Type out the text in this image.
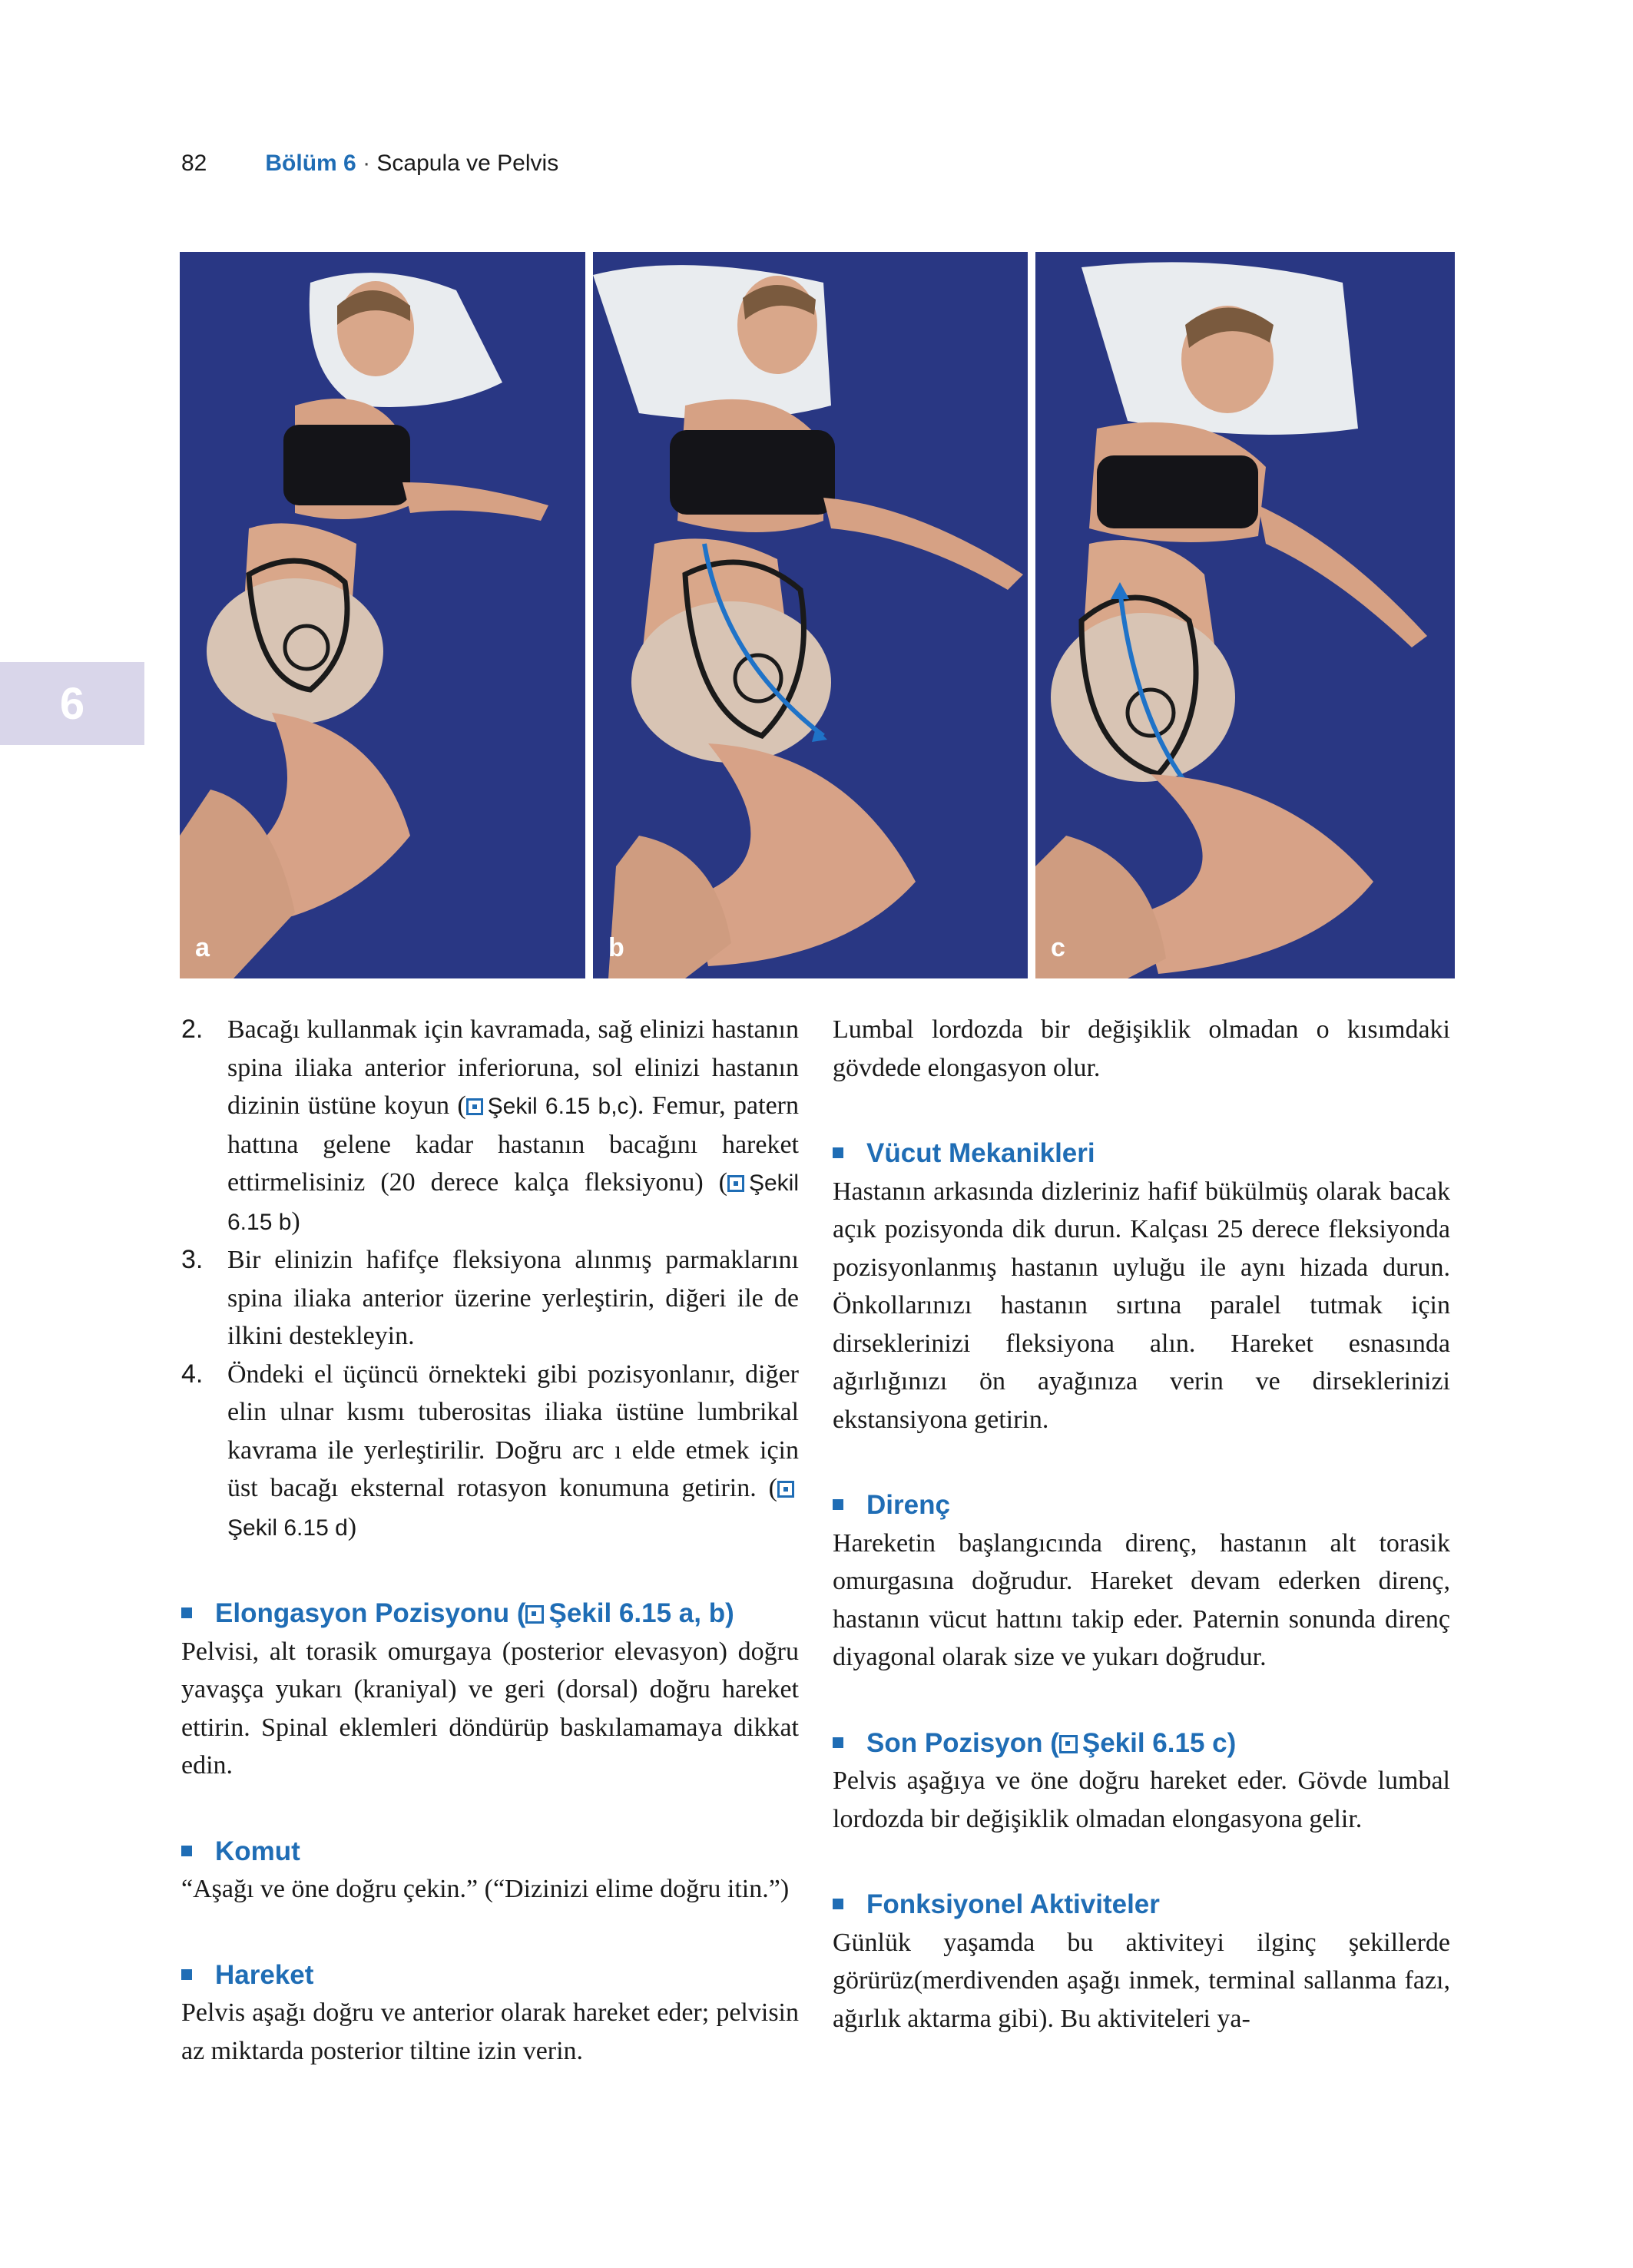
82	Bölüm 6 · Scapula ve Pelvis
6
a	b	c
2. Bacağı kullanmak için kavramada, sağ elinizi hastanın spina iliaka anterior inferioruna, sol elinizi hastanın dizinin üstüne koyun ( Şekil 6.15 b,c). Femur, patern hattına gelene kadar hastanın bacağını hareket ettirmelisiniz (20 derece kalça fleksiyonu) ( Şekil 6.15 b)
3. Bir elinizin hafifçe fleksiyona alınmış parmaklarını spina iliaka anterior üzerine yerleştirin, diğeri ile de ilkini destekleyin.
4. Öndeki el üçüncü örnekteki gibi pozisyonlanır, diğer elin ulnar kısmı tuberositas iliaka üstüne lumbrikal kavrama ile yerleştirilir. Doğru arc ı elde etmek için üst bacağı eksternal rotasyon konumuna getirin. (Şekil 6.15 d)
Elongasyon Pozisyonu ( Şekil 6.15 a, b)

Pelvisi, alt torasik omurgaya (posterior elevasyon) doğru yavaşça yukarı (kraniyal) ve geri (dorsal) doğru hareket ettirin. Spinal eklemleri döndürüp baskılamamaya dikkat edin.

Komut

“Aşağı ve öne doğru çekin.” (“Dizinizi elime doğru itin.”)

Hareket

Pelvis aşağı doğru ve anterior olarak hareket eder; pelvisin az miktarda posterior tiltine izin verin.

Lumbal lordozda bir değişiklik olmadan o kısımdaki gövdede elongasyon olur.

Vücut Mekanikleri

Hastanın arkasında dizleriniz hafif bükülmüş olarak bacak açık pozisyonda dik durun. Kalçası 25 derece fleksiyonda pozisyonlanmış hastanın uyluğu ile aynı hizada durun. Önkollarınızı hastanın sırtına paralel tutmak için dirseklerinizi fleksiyona alın. Hareket esnasında ağırlığınızı ön ayağınıza verin ve dirseklerinizi ekstansiyona getirin.

Direnç

Hareketin başlangıcında direnç, hastanın alt torasik omurgasına doğrudur. Hareket devam ederken direnç, hastanın vücut hattını takip eder. Paternin sonunda direnç diyagonal olarak size ve yukarı doğrudur.

Son Pozisyon ( Şekil 6.15 c)

Pelvis aşağıya ve öne doğru hareket eder. Gövde lumbal lordozda bir değişiklik olmadan elongasyona gelir.

Fonksiyonel Aktiviteler

Günlük yaşamda bu aktiviteyi ilginç şekillerde görürüz(merdivenden aşağı inmek, terminal sallanma fazı, ağırlık aktarma gibi). Bu aktiviteleri ya-
